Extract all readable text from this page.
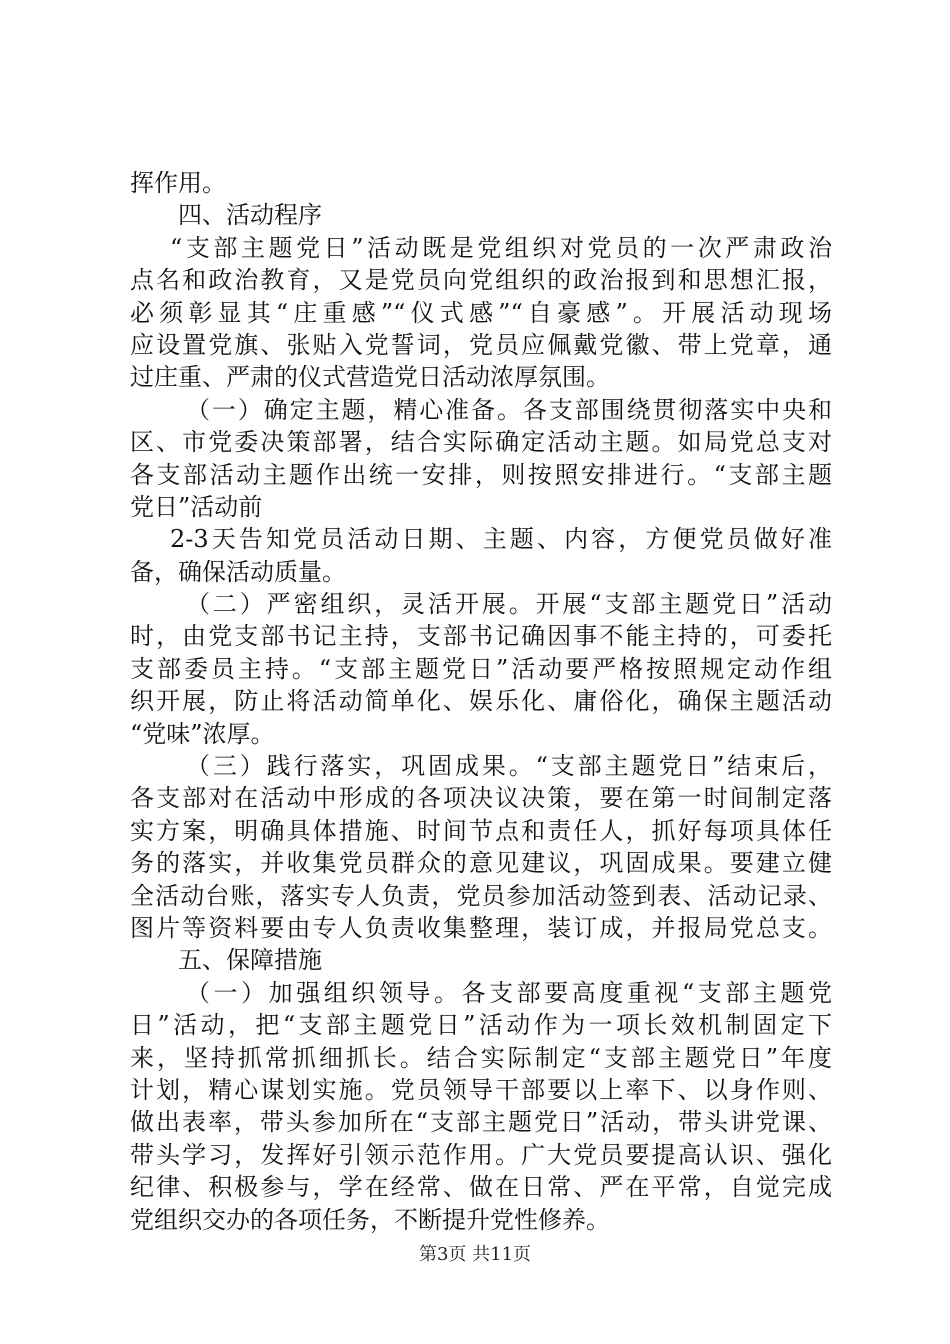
挥作用。
四、活动程序
“支部主题党日”活动既是党组织对党员的一次严肃政治
点名和政治教育，又是党员向党组织的政治报到和思想汇报，
必须彰显其“庄重感”“仪式感”“自豪感”。开展活动现场
应设置党旗、张贴入党誓词，党员应佩戴党徽、带上党章，通
过庄重、严肃的仪式营造党日活动浓厚氛围。
（一）确定主题，精心准备。各支部围绕贯彻落实中央和
区、市党委决策部署，结合实际确定活动主题。如局党总支对
各支部活动主题作出统一安排，则按照安排进行。“支部主题
党日”活动前
2-3天告知党员活动日期、主题、内容，方便党员做好准
备，确保活动质量。
（二）严密组织，灵活开展。开展“支部主题党日”活动
时，由党支部书记主持，支部书记确因事不能主持的，可委托
支部委员主持。“支部主题党日”活动要严格按照规定动作组
织开展，防止将活动简单化、娱乐化、庸俗化，确保主题活动
“党味”浓厚。
（三）践行落实，巩固成果。“支部主题党日”结束后，
各支部对在活动中形成的各项决议决策，要在第一时间制定落
实方案，明确具体措施、时间节点和责任人，抓好每项具体任
务的落实，并收集党员群众的意见建议，巩固成果。要建立健
全活动台账，落实专人负责，党员参加活动签到表、活动记录、
图片等资料要由专人负责收集整理，装订成，并报局党总支。
五、保障措施
（一）加强组织领导。各支部要高度重视“支部主题党
日”活动，把“支部主题党日”活动作为一项长效机制固定下
来，坚持抓常抓细抓长。结合实际制定“支部主题党日”年度
计划，精心谋划实施。党员领导干部要以上率下、以身作则、
做出表率，带头参加所在“支部主题党日”活动，带头讲党课、
带头学习，发挥好引领示范作用。广大党员要提高认识、强化
纪律、积极参与，学在经常、做在日常、严在平常，自觉完成
党组织交办的各项任务，不断提升党性修养。
第3页 共11页
